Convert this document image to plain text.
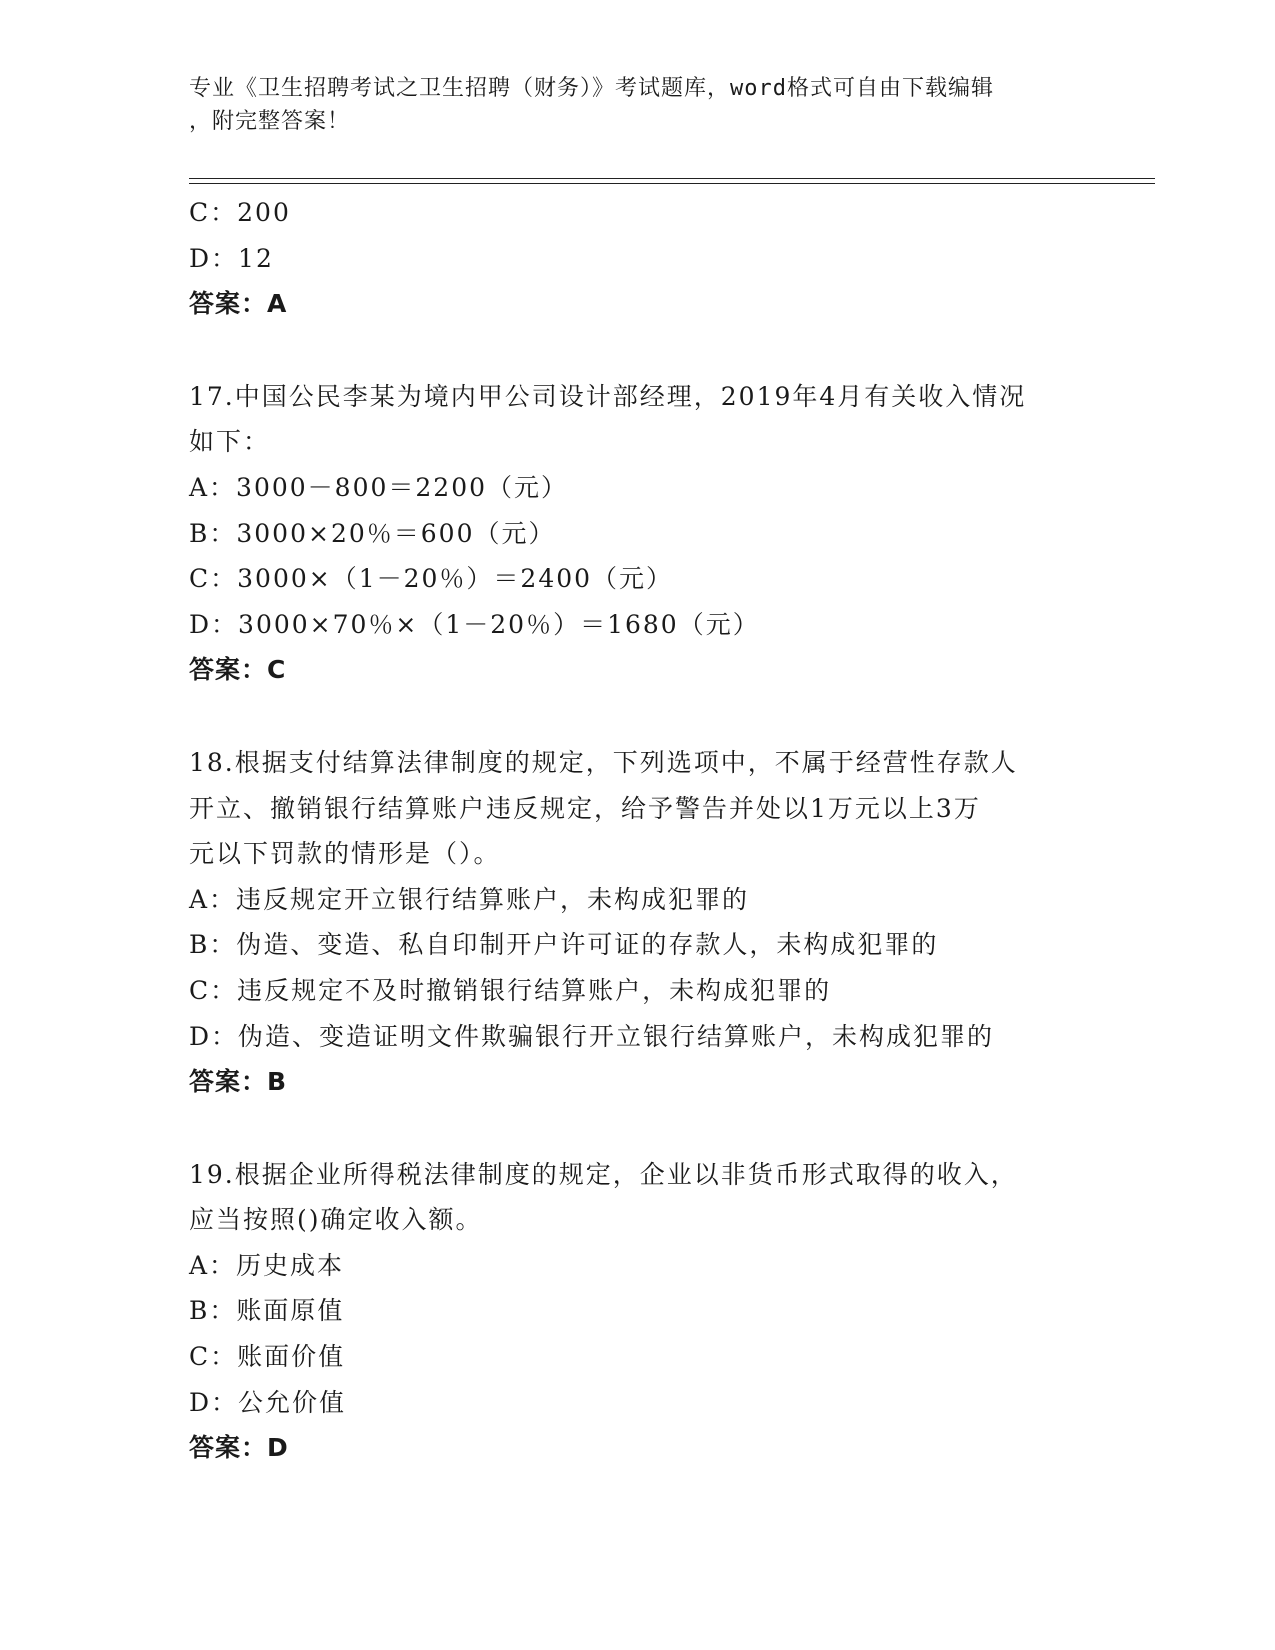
专业《卫生招聘考试之卫生招聘（财务）》考试题库，word格式可自由下载编辑
，附完整答案！
C：200
D：12
答案：A
17.中国公民李某为境内甲公司设计部经理，2019年4月有关收入情况
如下：
A：3000－800＝2200（元）
B：3000×20％＝600（元）
C：3000×（1－20％）＝2400（元）
D：3000×70％×（1－20％）＝1680（元）
答案：C
18.根据支付结算法律制度的规定，下列选项中，不属于经营性存款人
开立、撤销银行结算账户违反规定，给予警告并处以1万元以上3万
元以下罚款的情形是（）。
A：违反规定开立银行结算账户，未构成犯罪的
B：伪造、变造、私自印制开户许可证的存款人，未构成犯罪的
C：违反规定不及时撤销银行结算账户，未构成犯罪的
D：伪造、变造证明文件欺骗银行开立银行结算账户，未构成犯罪的
答案：B
19.根据企业所得税法律制度的规定，企业以非货币形式取得的收入，
应当按照()确定收入额。
A：历史成本
B：账面原值
C：账面价值
D：公允价值
答案：D
